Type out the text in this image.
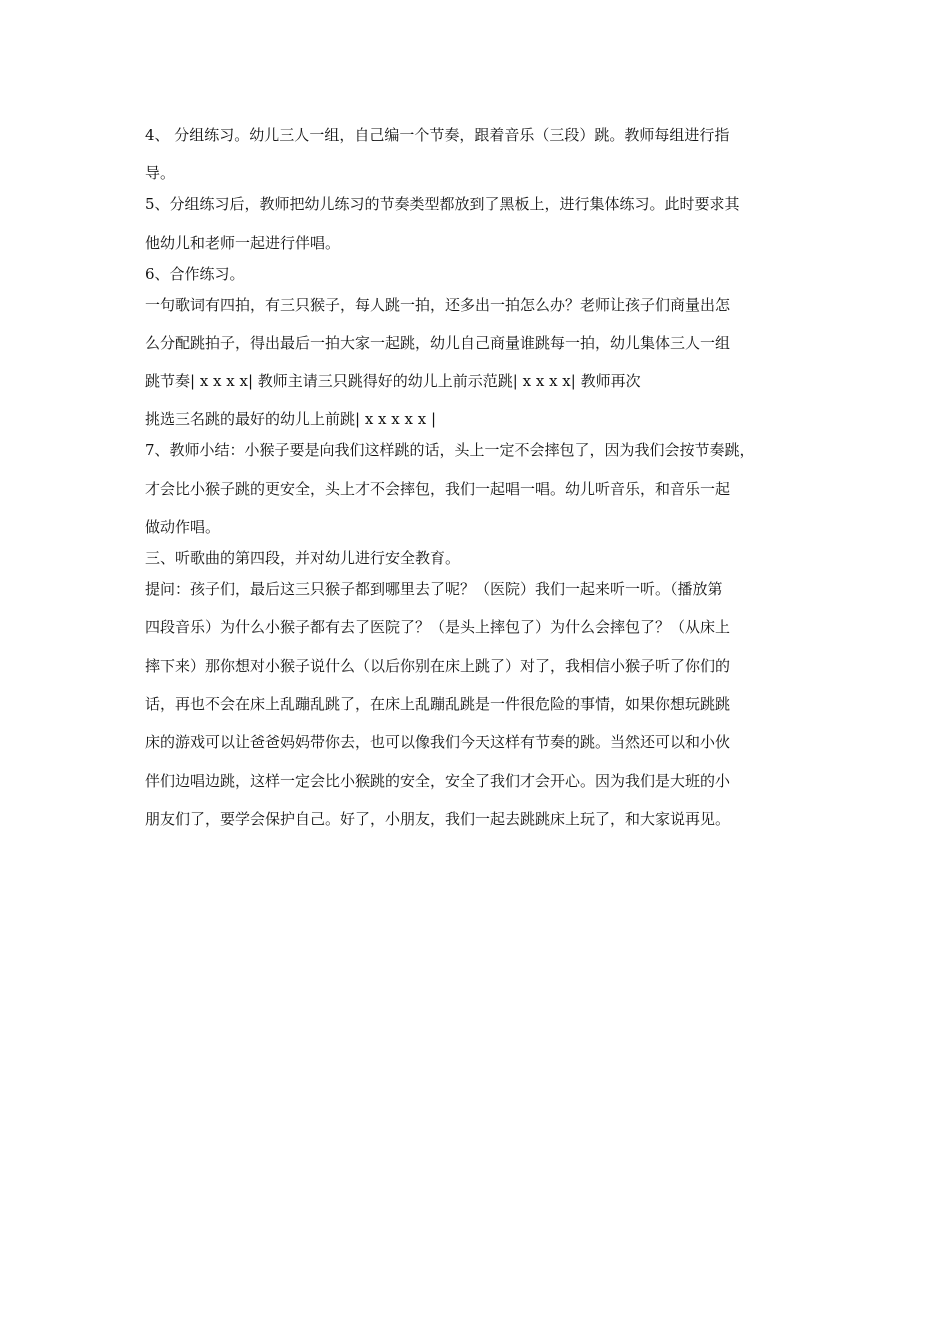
4、 分组练习。幼儿三人一组，自己编一个节奏，跟着音乐（三段）跳。教师每组进行指
导。
5、分组练习后，教师把幼儿练习的节奏类型都放到了黑板上，进行集体练习。此时要求其
他幼儿和老师一起进行伴唱。
6、合作练习。
一句歌词有四拍，有三只猴子，每人跳一拍，还多出一拍怎么办？老师让孩子们商量出怎
么分配跳拍子，得出最后一拍大家一起跳，幼儿自己商量谁跳每一拍，幼儿集体三人一组
跳节奏| x x x x| 教师主请三只跳得好的幼儿上前示范跳| x x x x| 教师再次
挑选三名跳的最好的幼儿上前跳| x x x x x |
7、教师小结：小猴子要是向我们这样跳的话，头上一定不会摔包了，因为我们会按节奏跳，
才会比小猴子跳的更安全，头上才不会摔包，我们一起唱一唱。幼儿听音乐，和音乐一起
做动作唱。
三、听歌曲的第四段，并对幼儿进行安全教育。
提问：孩子们，最后这三只猴子都到哪里去了呢？（医院）我们一起来听一听。（播放第
四段音乐）为什么小猴子都有去了医院了？（是头上摔包了）为什么会摔包了？（从床上
摔下来）那你想对小猴子说什么（以后你别在床上跳了）对了，我相信小猴子听了你们的
话，再也不会在床上乱蹦乱跳了，在床上乱蹦乱跳是一件很危险的事情，如果你想玩跳跳
床的游戏可以让爸爸妈妈带你去，也可以像我们今天这样有节奏的跳。当然还可以和小伙
伴们边唱边跳，这样一定会比小猴跳的安全，安全了我们才会开心。因为我们是大班的小
朋友们了，要学会保护自己。好了，小朋友，我们一起去跳跳床上玩了，和大家说再见。
